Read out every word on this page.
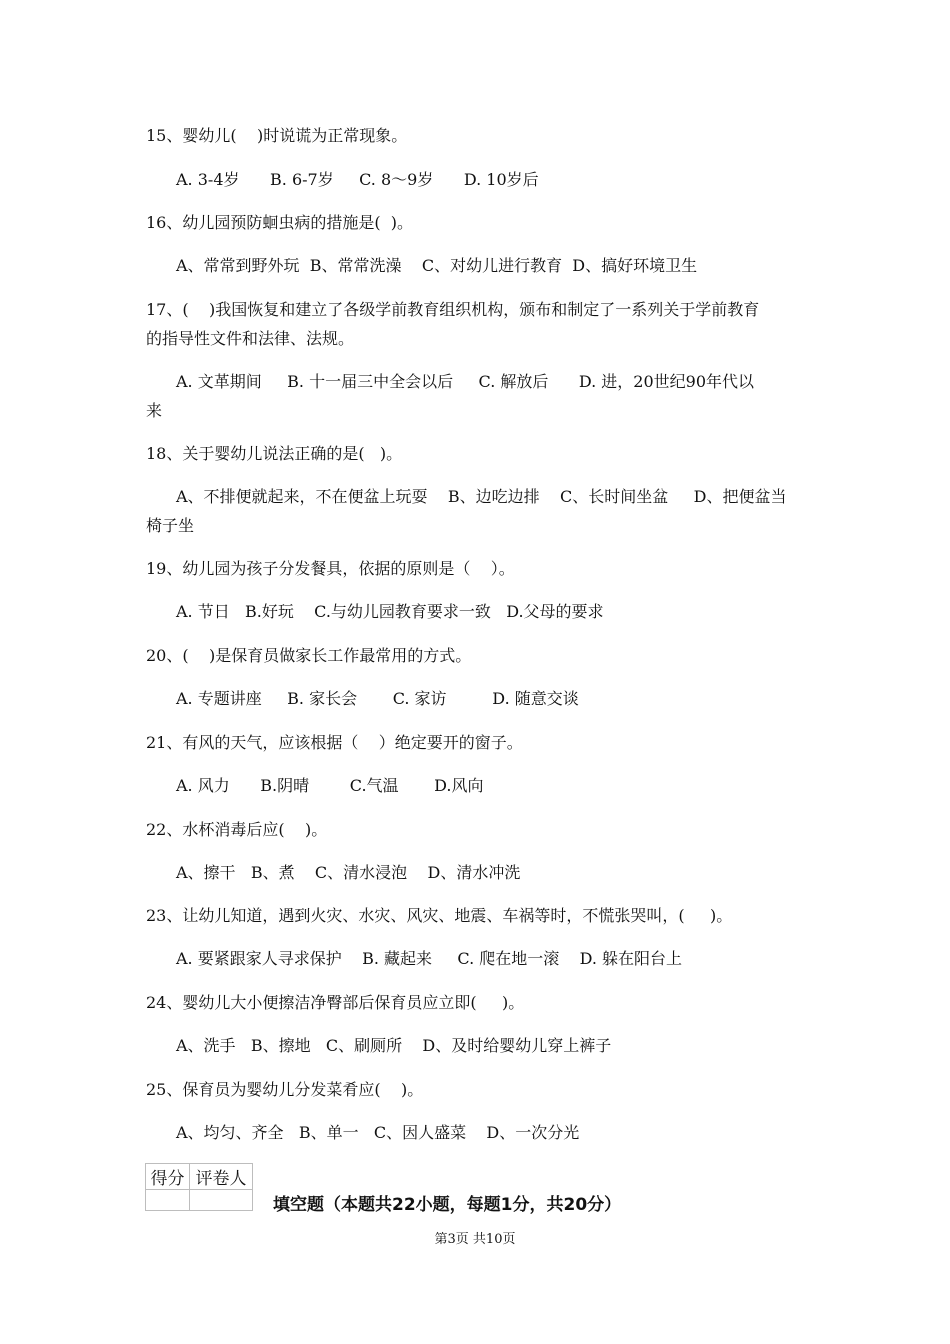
15、婴幼儿(    )时说谎为正常现象。
A. 3-4岁      B. 6-7岁     C. 8～9岁      D. 10岁后
16、幼儿园预防蛔虫病的措施是(  )。
A、常常到野外玩  B、常常洗澡    C、对幼儿进行教育  D、搞好环境卫生
17、(    )我国恢复和建立了各级学前教育组织机构，颁布和制定了一系列关于学前教育
的指导性文件和法律、法规。
A. 文革期间     B. 十一届三中全会以后     C. 解放后      D. 进，20世纪90年代以
来
18、关于婴幼儿说法正确的是(   )。
A、不排便就起来，不在便盆上玩耍    B、边吃边排    C、长时间坐盆     D、把便盆当
椅子坐
19、幼儿园为孩子分发餐具，依据的原则是（    ）。
A. 节日   B.好玩    C.与幼儿园教育要求一致   D.父母的要求
20、(    )是保育员做家长工作最常用的方式。
A. 专题讲座     B. 家长会       C. 家访         D. 随意交谈
21、有风的天气，应该根据（    ）绝定要开的窗子。
A. 风力      B.阴晴        C.气温       D.风向
22、水杯消毒后应(    )。
A、擦干   B、煮    C、清水浸泡    D、清水冲洗
23、让幼儿知道，遇到火灾、水灾、风灾、地震、车祸等时，不慌张哭叫，(     )。
A. 要紧跟家人寻求保护    B. 藏起来     C. 爬在地一滚    D. 躲在阳台上
24、婴幼儿大小便擦洁净臀部后保育员应立即(     )。
A、洗手   B、擦地   C、刷厕所    D、及时给婴幼儿穿上裤子
25、保育员为婴幼儿分发菜肴应(    )。
A、均匀、齐全   B、单一   C、因人盛菜    D、一次分光
得分	评卷人

填空题（本题共22小题，每题1分，共20分）
第3页 共10页
